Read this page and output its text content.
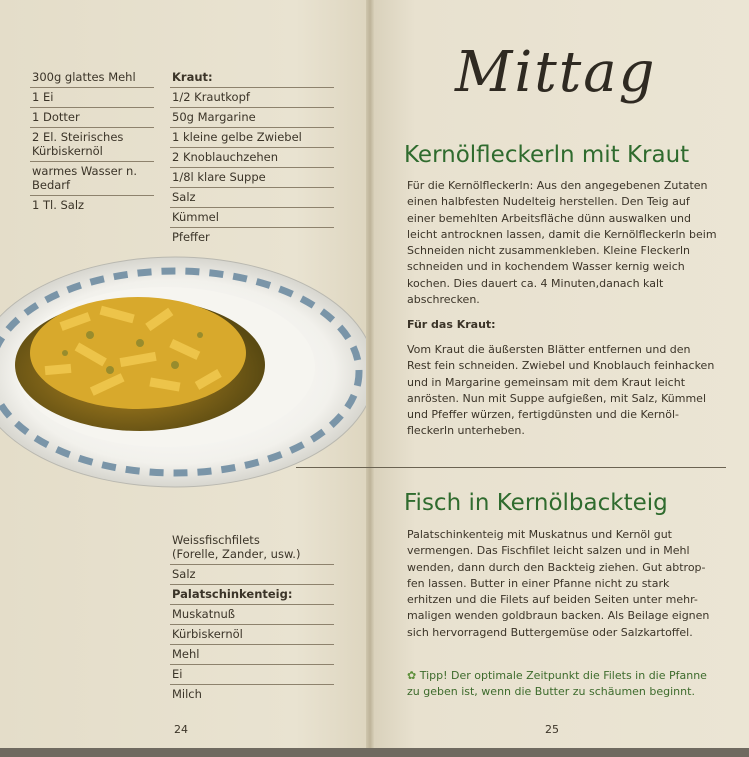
300g glattes Mehl
1 Ei
1 Dotter
2 El. Steirisches
Kürbiskernöl
warmes Wasser n.
Bedarf
1 Tl. Salz
Kraut:
1/2 Krautkopf
50g Margarine
1 kleine gelbe Zwiebel
2 Knoblauchzehen
1/8l klare Suppe
Salz
Kümmel
Pfeffer
Weissfischfilets
(Forelle, Zander, usw.)
Salz
Palatschinkenteig:
Muskatnuß
Kürbiskernöl
Mehl
Ei
Milch
24
Mittag
Kernölfleckerln mit Kraut
Für die Kernölfleckerln: Aus den angegebenen Zutaten einen halbfesten Nudelteig herstellen. Den Teig auf einer bemehlten Arbeitsfläche dünn auswalken und leicht antrocknen lassen, damit die Kernölfleckerln beim Schneiden nicht zusammenkleben. Kleine Fleckerln schneiden und in kochendem Wasser kernig weich kochen. Dies dauert ca. 4 Minuten,danach kalt abschrecken.
Für das Kraut:
Vom Kraut die äußersten Blätter entfernen und den Rest fein schneiden. Zwiebel und Knoblauch feinhacken und in Margarine gemeinsam mit dem Kraut leicht anrösten. Nun mit Suppe aufgießen, mit Salz, Kümmel und Pfeffer würzen, fertigdünsten und die Kernöl-fleckerln unterheben.
Fisch in Kernölbackteig
Palatschinkenteig mit Muskatnus und Kernöl gut vermengen. Das Fischfilet leicht salzen und in Mehl wenden, dann durch den Backteig ziehen. Gut abtrop-fen lassen. Butter in einer Pfanne nicht zu stark erhitzen und die Filets auf beiden Seiten unter mehr-maligen wenden goldbraun backen. Als Beilage eignen sich hervorragend Buttergemüse oder Salzkartoffel.
✿ Tipp! Der optimale Zeitpunkt die Filets in die Pfanne zu geben ist, wenn die Butter zu schäumen beginnt.
25
